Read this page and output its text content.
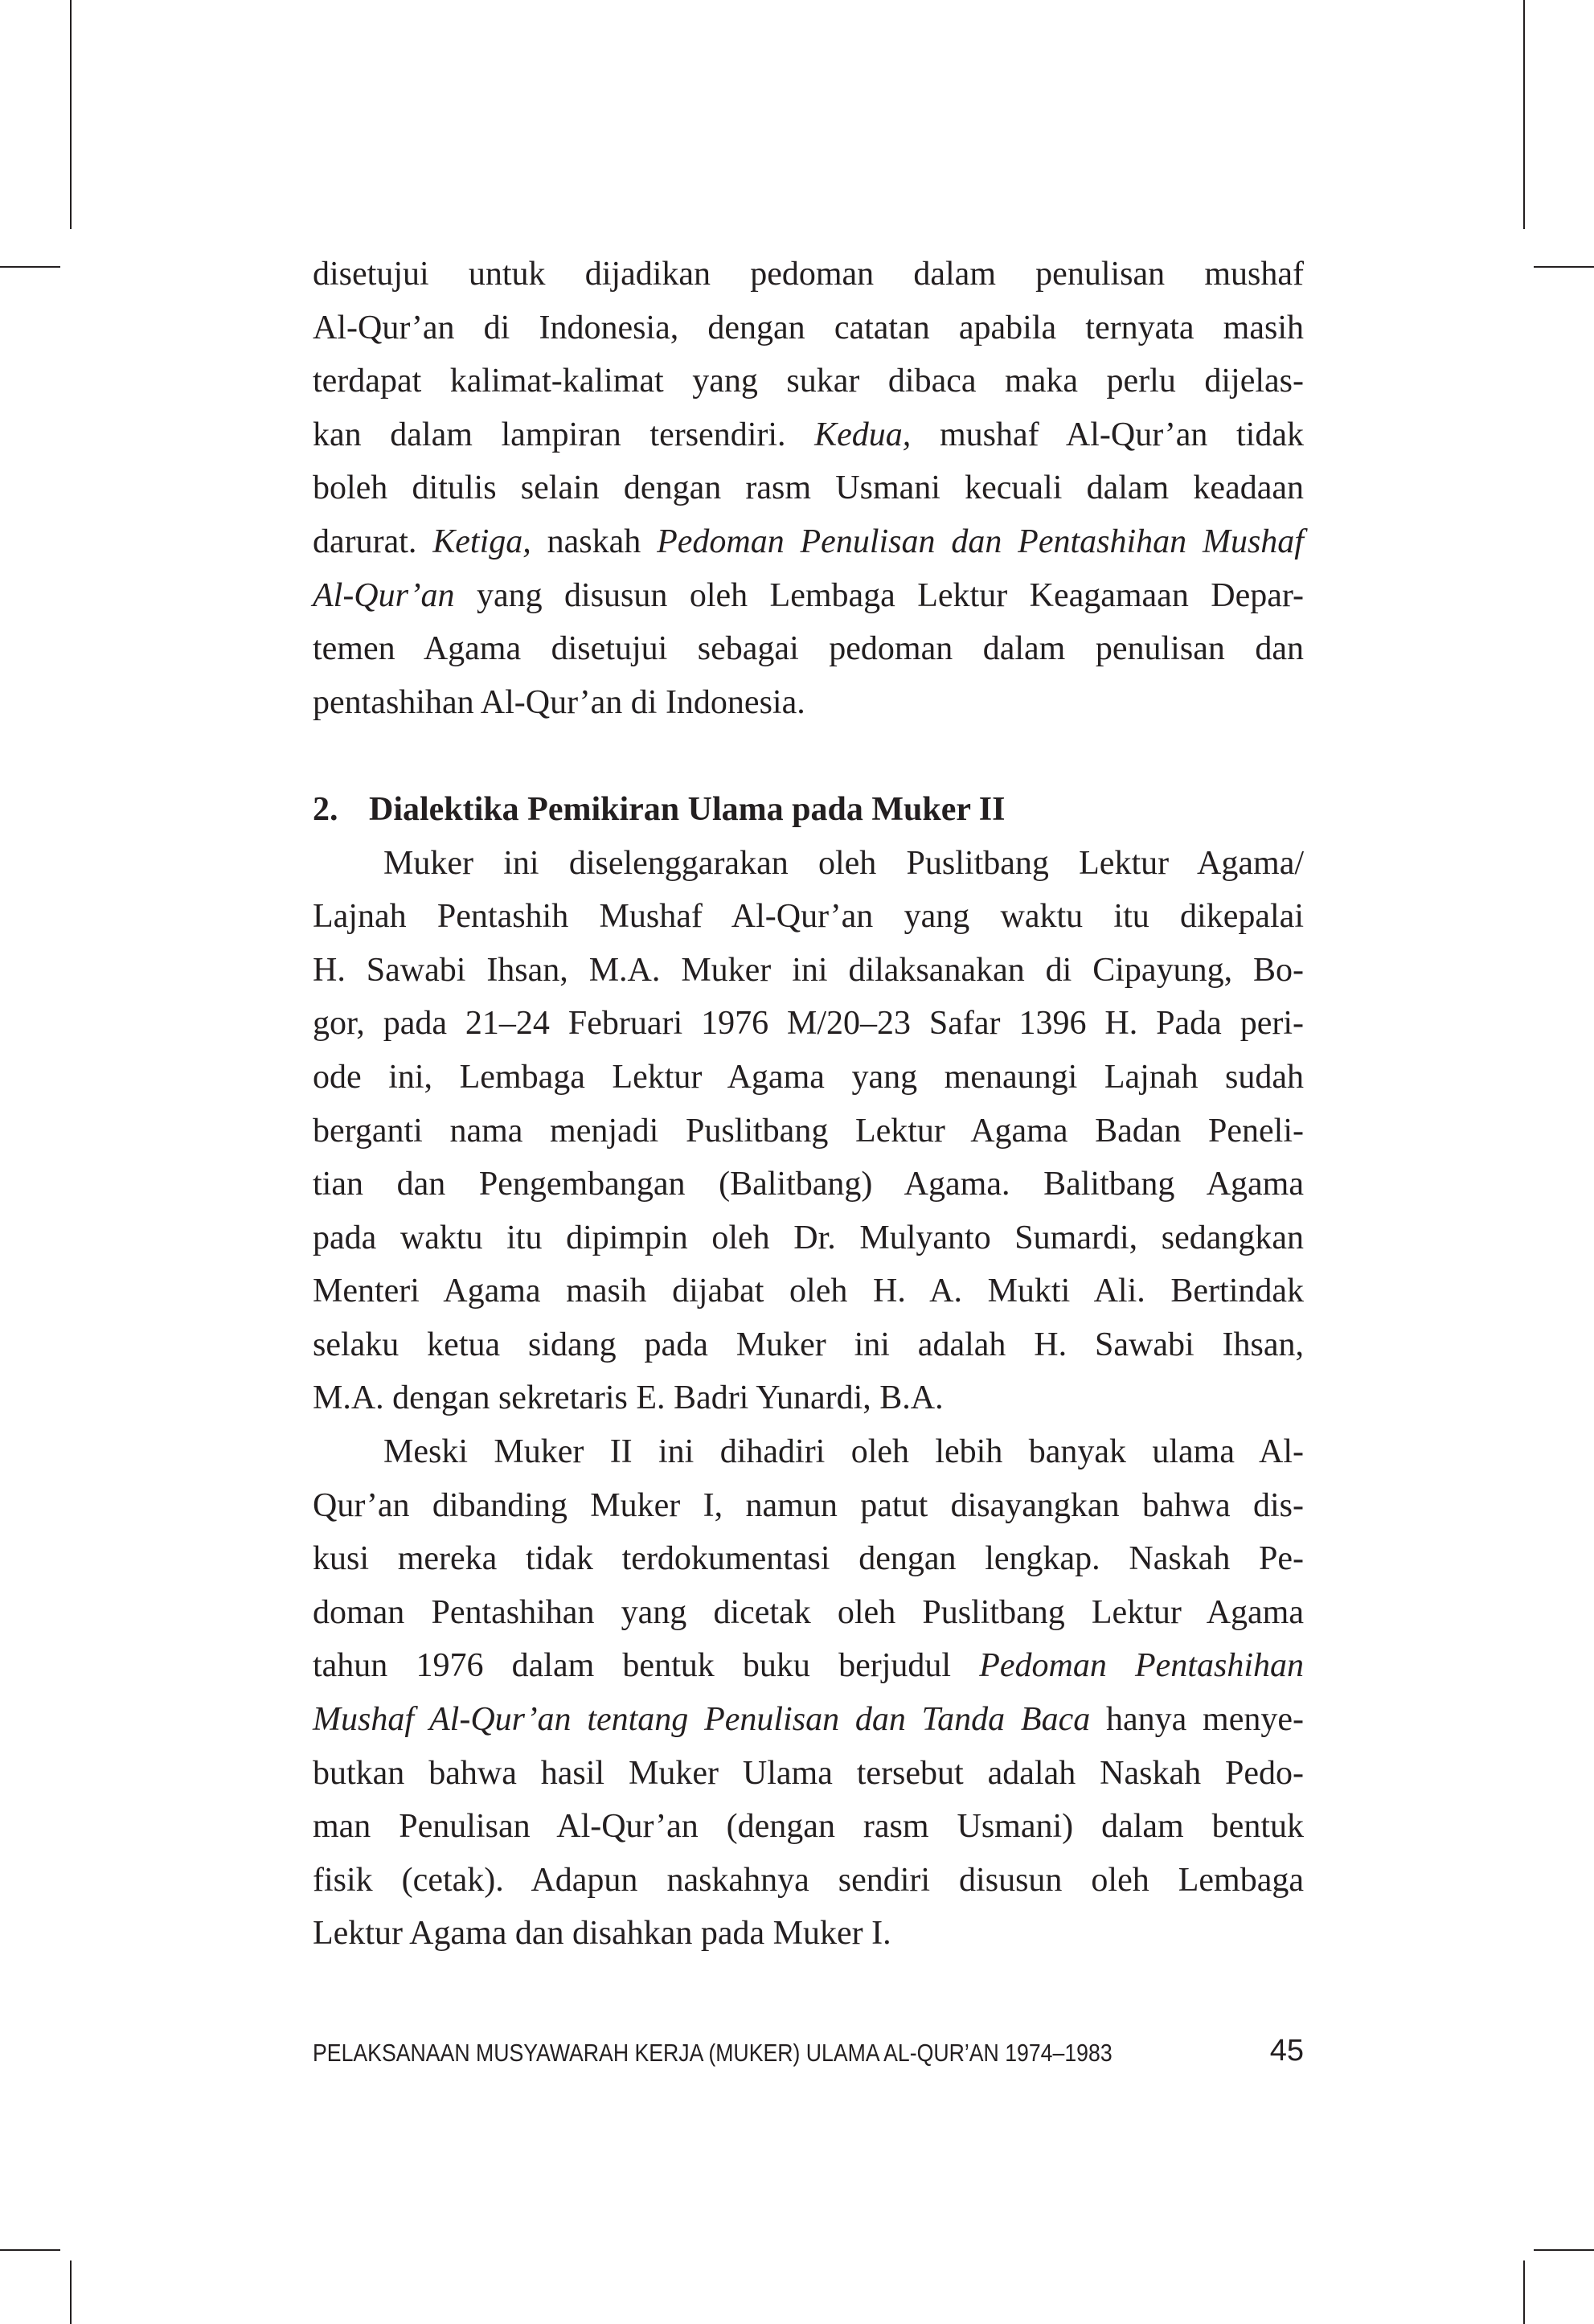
disetujui untuk dijadikan pedoman dalam penulisan mushaf
Al-Qur’an di Indonesia, dengan catatan apabila ternyata masih
terdapat kalimat-kalimat yang sukar dibaca maka perlu dijelas-
kan dalam lampiran tersendiri. Kedua, mushaf Al-Qur’an tidak
boleh ditulis selain dengan rasm Usmani kecuali dalam keadaan
darurat. Ketiga, naskah Pedoman Penulisan dan Pentashihan Mushaf
Al-Qur’an yang disusun oleh Lembaga Lektur Keagamaan Depar-
temen Agama disetujui sebagai pedoman dalam penulisan dan
pentashihan Al-Qur’an di Indonesia.
2. Dialektika Pemikiran Ulama pada Muker II
Muker ini diselenggarakan oleh Puslitbang Lektur Agama/
Lajnah Pentashih Mushaf Al-Qur’an yang waktu itu dikepalai
H. Sawabi Ihsan, M.A. Muker ini dilaksanakan di Cipayung, Bo-
gor, pada 21–24 Februari 1976 M/20–23 Safar 1396 H. Pada peri-
ode ini, Lembaga Lektur Agama yang menaungi Lajnah sudah
berganti nama menjadi Puslitbang Lektur Agama Badan Peneli-
tian dan Pengembangan (Balitbang) Agama. Balitbang Agama
pada waktu itu dipimpin oleh Dr. Mulyanto Sumardi, sedangkan
Menteri Agama masih dijabat oleh H. A. Mukti Ali. Bertindak
selaku ketua sidang pada Muker ini adalah H. Sawabi Ihsan,
M.A. dengan sekretaris E. Badri Yunardi, B.A.
Meski Muker II ini dihadiri oleh lebih banyak ulama Al-
Qur’an dibanding Muker I, namun patut disayangkan bahwa dis-
kusi mereka tidak terdokumentasi dengan lengkap. Naskah Pe-
doman Pentashihan yang dicetak oleh Puslitbang Lektur Agama
tahun 1976 dalam bentuk buku berjudul Pedoman Pentashihan
Mushaf Al-Qur’an tentang Penulisan dan Tanda Baca hanya menye-
butkan bahwa hasil Muker Ulama tersebut adalah Naskah Pedo-
man Penulisan Al-Qur’an (dengan rasm Usmani) dalam bentuk
fisik (cetak). Adapun naskahnya sendiri disusun oleh Lembaga
Lektur Agama dan disahkan pada Muker I.
PELAKSANAAN MUSYAWARAH KERJA (MUKER) ULAMA AL-QUR’AN 1974–1983	45
